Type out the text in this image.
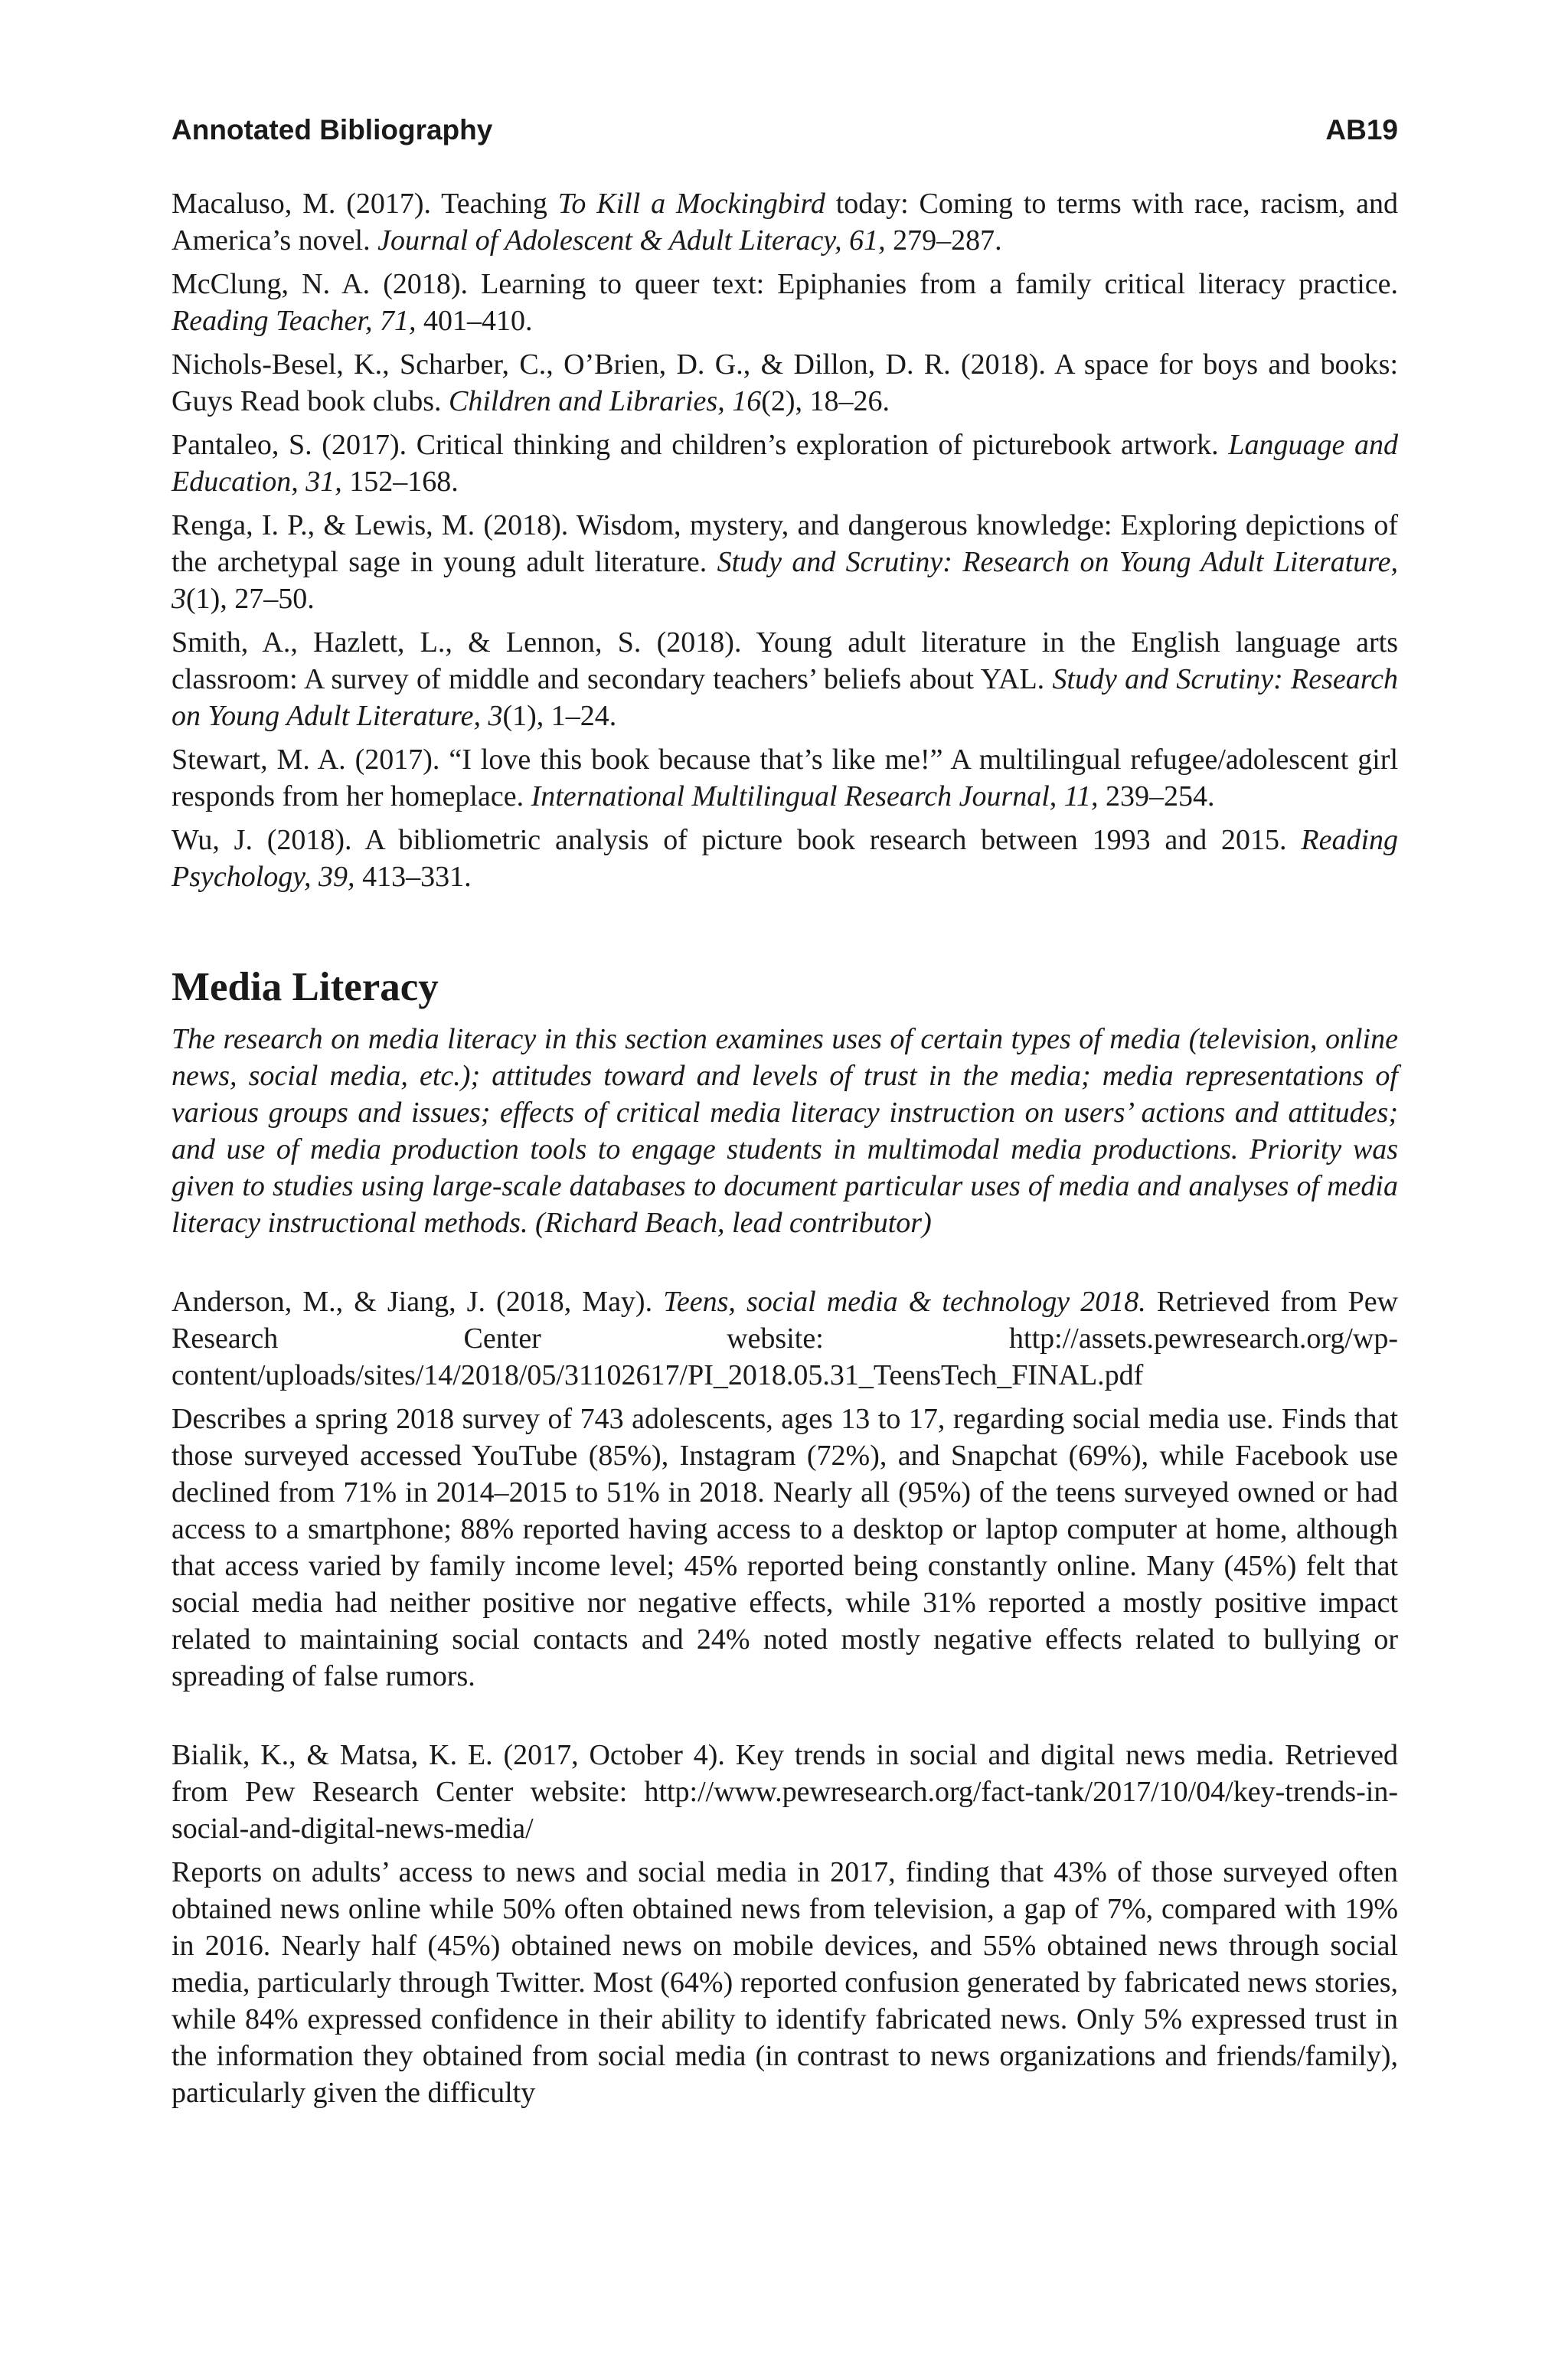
Annotated Bibliography	AB19

Macaluso, M. (2017). Teaching To Kill a Mockingbird today: Coming to terms with race, racism, and America’s novel. Journal of Adolescent & Adult Literacy, 61, 279–287.

McClung, N. A. (2018). Learning to queer text: Epiphanies from a family critical literacy practice. Reading Teacher, 71, 401–410.

Nichols-Besel, K., Scharber, C., O’Brien, D. G., & Dillon, D. R. (2018). A space for boys and books: Guys Read book clubs. Children and Libraries, 16(2), 18–26.

Pantaleo, S. (2017). Critical thinking and children’s exploration of picturebook artwork. Language and Education, 31, 152–168.

Renga, I. P., & Lewis, M. (2018). Wisdom, mystery, and dangerous knowledge: Exploring depictions of the archetypal sage in young adult literature. Study and Scrutiny: Research on Young Adult Literature, 3(1), 27–50.

Smith, A., Hazlett, L., & Lennon, S. (2018). Young adult literature in the English language arts classroom: A survey of middle and secondary teachers’ beliefs about YAL. Study and Scrutiny: Research on Young Adult Literature, 3(1), 1–24.

Stewart, M. A. (2017). “I love this book because that’s like me!” A multilingual refugee/adolescent girl responds from her homeplace. International Multilingual Research Journal, 11, 239–254.

Wu, J. (2018). A bibliometric analysis of picture book research between 1993 and 2015. Reading Psychology, 39, 413–331.

Media Literacy

The research on media literacy in this section examines uses of certain types of media (television, online news, social media, etc.); attitudes toward and levels of trust in the media; media representations of various groups and issues; effects of critical media literacy instruction on users’ actions and attitudes; and use of media production tools to engage students in multimodal media productions. Priority was given to studies using large-scale databases to document particular uses of media and analyses of media literacy instructional methods. (Richard Beach, lead contributor)

Anderson, M., & Jiang, J. (2018, May). Teens, social media & technology 2018. Retrieved from Pew Research Center website: http://assets.pewresearch.org/wp-content/uploads/sites/14/2018/05/31102617/PI_2018.05.31_TeensTech_FINAL.pdf

Describes a spring 2018 survey of 743 adolescents, ages 13 to 17, regarding social media use. Finds that those surveyed accessed YouTube (85%), Instagram (72%), and Snapchat (69%), while Facebook use declined from 71% in 2014–2015 to 51% in 2018. Nearly all (95%) of the teens surveyed owned or had access to a smartphone; 88% reported having access to a desktop or laptop computer at home, although that access varied by family income level; 45% reported being constantly online. Many (45%) felt that social media had neither positive nor negative effects, while 31% reported a mostly positive impact related to maintaining social contacts and 24% noted mostly negative effects related to bullying or spreading of false rumors.

Bialik, K., & Matsa, K. E. (2017, October 4). Key trends in social and digital news media. Retrieved from Pew Research Center website: http://www.pewresearch.org/fact-tank/2017/10/04/key-trends-in-social-and-digital-news-media/

Reports on adults’ access to news and social media in 2017, finding that 43% of those surveyed often obtained news online while 50% often obtained news from television, a gap of 7%, compared with 19% in 2016. Nearly half (45%) obtained news on mobile devices, and 55% obtained news through social media, particularly through Twitter. Most (64%) reported confusion generated by fabricated news stories, while 84% expressed confidence in their ability to identify fabricated news. Only 5% expressed trust in the information they obtained from social media (in contrast to news organizations and friends/family), particularly given the difficulty
